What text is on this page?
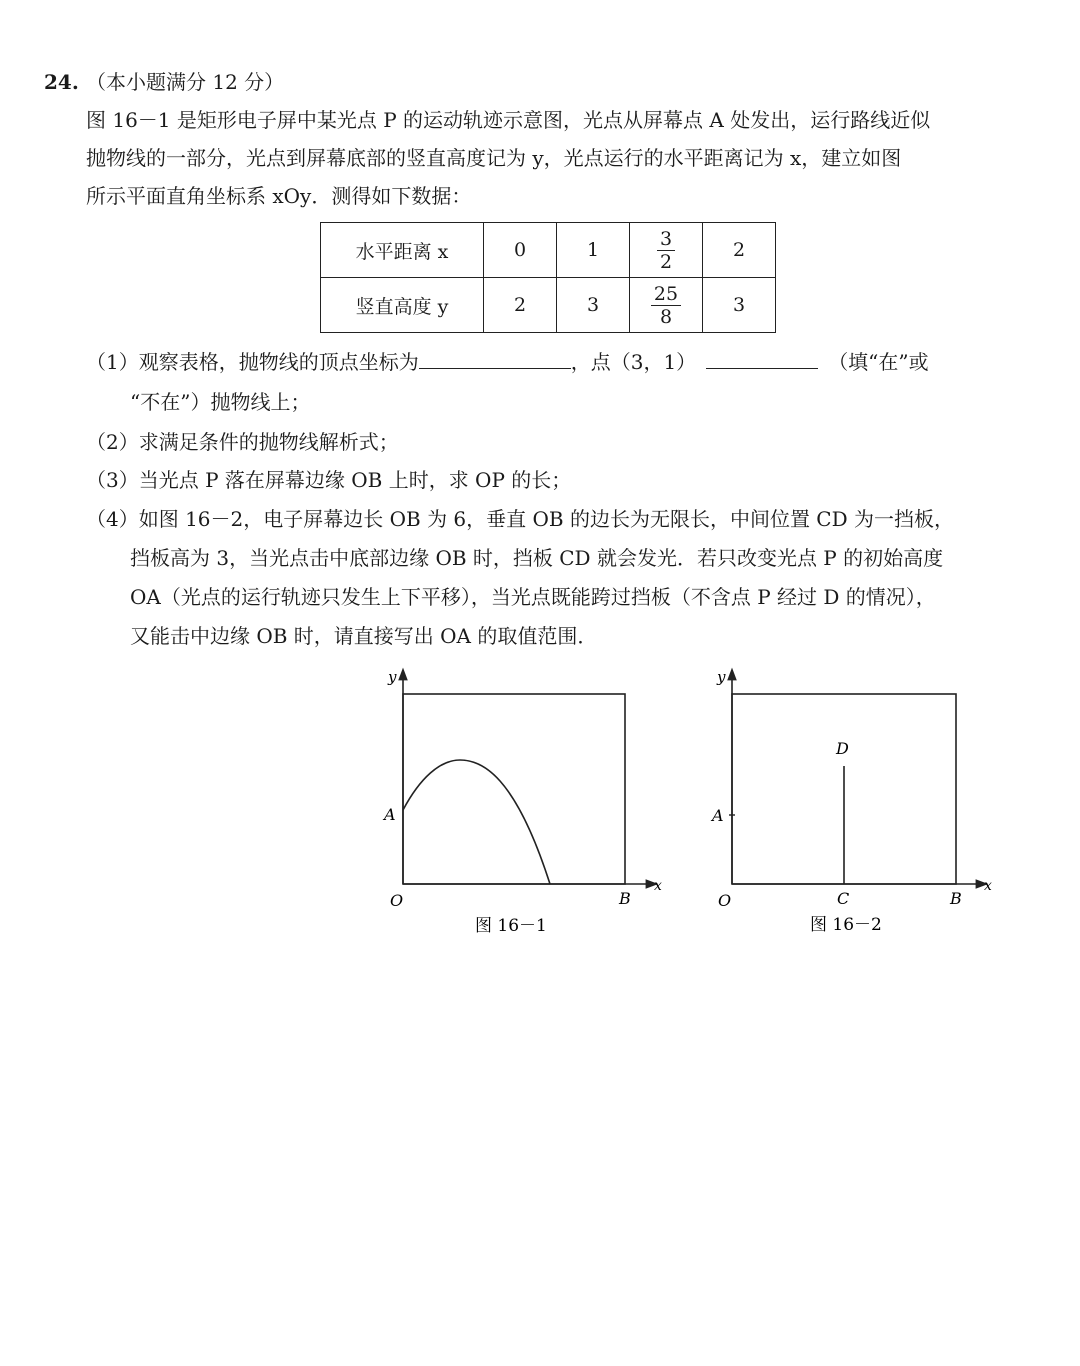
24. （本小题满分 12 分）
图 16－1 是矩形电子屏中某光点 P 的运动轨迹示意图，光点从屏幕点 A 处发出，运行路线近似
抛物线的一部分，光点到屏幕底部的竖直高度记为 y，光点运行的水平距离记为 x，建立如图
所示平面直角坐标系 xOy．测得如下数据：
水平距离 x	0	1	$\frac{3}{2}$	2
竖直高度 y	2	3	$\frac{25}{8}$	3
（1）观察表格，抛物线的顶点坐标为	，点（3，1）	（填“在”或
“不在”）抛物线上；
（2）求满足条件的抛物线解析式；
（3）当光点 P 落在屏幕边缘 OB 上时，求 OP 的长；
（4）如图 16－2，电子屏幕边长 OB 为 6，垂直 OB 的边长为无限长，中间位置 CD 为一挡板，
挡板高为 3，当光点击中底部边缘 OB 时，挡板 CD 就会发光．若只改变光点 P 的初始高度
OA（光点的运行轨迹只发生上下平移），当光点既能跨过挡板（不含点 P 经过 D 的情况），
又能击中边缘 OB 时，请直接写出 OA 的取值范围．
y
x
A
O	B
图 16－1
y
x
A
D
O	C	B
图 16－2
